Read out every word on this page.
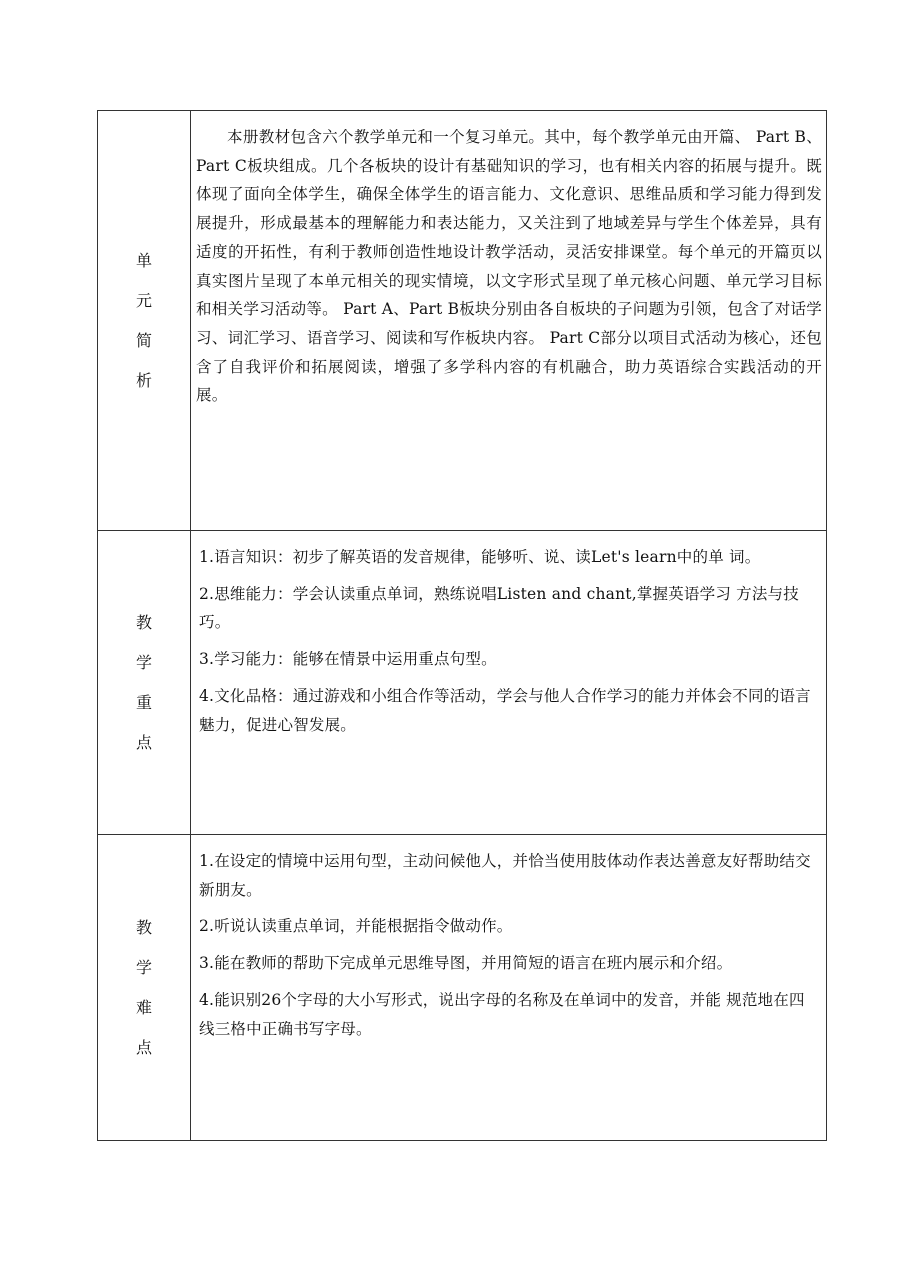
单元简析	本册教材包含六个教学单元和一个复习单元。其中，每个教学单元由开篇、 Part B、Part C板块组成。几个各板块的设计有基础知识的学习，也有相关内容的拓展与提升。既体现了面向全体学生，确保全体学生的语言能力、文化意识、思维品质和学习能力得到发展提升，形成最基本的理解能力和表达能力，又关注到了地域差异与学生个体差异，具有适度的开拓性，有利于教师创造性地设计教学活动，灵活安排课堂。每个单元的开篇页以真实图片呈现了本单元相关的现实情境，以文字形式呈现了单元核心问题、单元学习目标和相关学习活动等。 Part A、Part B板块分别由各自板块的子问题为引领，包含了对话学习、词汇学习、语音学习、阅读和写作板块内容。 Part C部分以项目式活动为核心，还包含了自我评价和拓展阅读，增强了多学科内容的有机融合，助力英语综合实践活动的开展。

教学重点	1.语言知识：初步了解英语的发音规律，能够听、说、读Let's learn中的单 词。
2.思维能力：学会认读重点单词，熟练说唱Listen and chant,掌握英语学习 方法与技巧。
3.学习能力：能够在情景中运用重点句型。
4.文化品格：通过游戏和小组合作等活动，学会与他人合作学习的能力并体会不同的语言魅力，促进心智发展。

教学难点	1.在设定的情境中运用句型，主动问候他人，并恰当使用肢体动作表达善意友好帮助结交新朋友。
2.听说认读重点单词，并能根据指令做动作。
3.能在教师的帮助下完成单元思维导图，并用简短的语言在班内展示和介绍。
4.能识别26个字母的大小写形式，说出字母的名称及在单词中的发音，并能 规范地在四线三格中正确书写字母。
